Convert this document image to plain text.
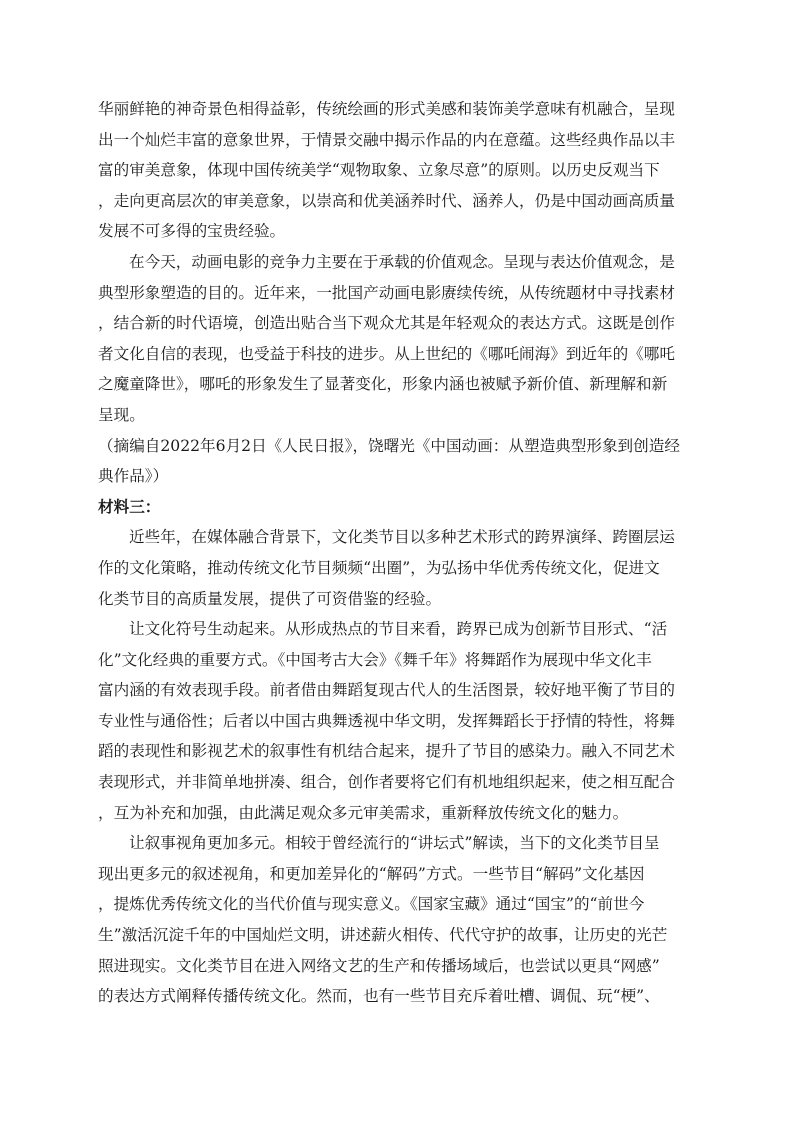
华丽鲜艳的神奇景色相得益彰，传统绘画的形式美感和装饰美学意味有机融合，呈现
出一个灿烂丰富的意象世界，于情景交融中揭示作品的内在意蕴。这些经典作品以丰
富的审美意象，体现中国传统美学“观物取象、立象尽意”的原则。以历史反观当下
，走向更高层次的审美意象，以崇高和优美涵养时代、涵养人，仍是中国动画高质量
发展不可多得的宝贵经验。
在今天，动画电影的竞争力主要在于承载的价值观念。呈现与表达价值观念，是
典型形象塑造的目的。近年来，一批国产动画电影赓续传统，从传统题材中寻找素材
，结合新的时代语境，创造出贴合当下观众尤其是年轻观众的表达方式。这既是创作
者文化自信的表现，也受益于科技的进步。从上世纪的《哪吒闹海》到近年的《哪吒
之魔童降世》，哪吒的形象发生了显著变化，形象内涵也被赋予新价值、新理解和新
呈现。
（摘编自2022年6月2日《人民日报》，饶曙光《中国动画：从塑造典型形象到创造经
典作品》）
材料三：
近些年，在媒体融合背景下，文化类节目以多种艺术形式的跨界演绎、跨圈层运
作的文化策略，推动传统文化节目频频“出圈”，为弘扬中华优秀传统文化，促进文
化类节目的高质量发展，提供了可资借鉴的经验。
让文化符号生动起来。从形成热点的节目来看，跨界已成为创新节目形式、“活
化”文化经典的重要方式。《中国考古大会》《舞千年》将舞蹈作为展现中华文化丰
富内涵的有效表现手段。前者借由舞蹈复现古代人的生活图景，较好地平衡了节目的
专业性与通俗性；后者以中国古典舞透视中华文明，发挥舞蹈长于抒情的特性，将舞
蹈的表现性和影视艺术的叙事性有机结合起来，提升了节目的感染力。融入不同艺术
表现形式，并非简单地拼凑、组合，创作者要将它们有机地组织起来，使之相互配合
，互为补充和加强，由此满足观众多元审美需求，重新释放传统文化的魅力。
让叙事视角更加多元。相较于曾经流行的“讲坛式”解读，当下的文化类节目呈
现出更多元的叙述视角，和更加差异化的“解码”方式。一些节目“解码”文化基因
，提炼优秀传统文化的当代价值与现实意义。《国家宝藏》通过“国宝”的“前世今
生”激活沉淀千年的中国灿烂文明，讲述薪火相传、代代守护的故事，让历史的光芒
照进现实。文化类节目在进入网络文艺的生产和传播场域后，也尝试以更具“网感”
的表达方式阐释传播传统文化。然而，也有一些节目充斥着吐槽、调侃、玩“梗”、
